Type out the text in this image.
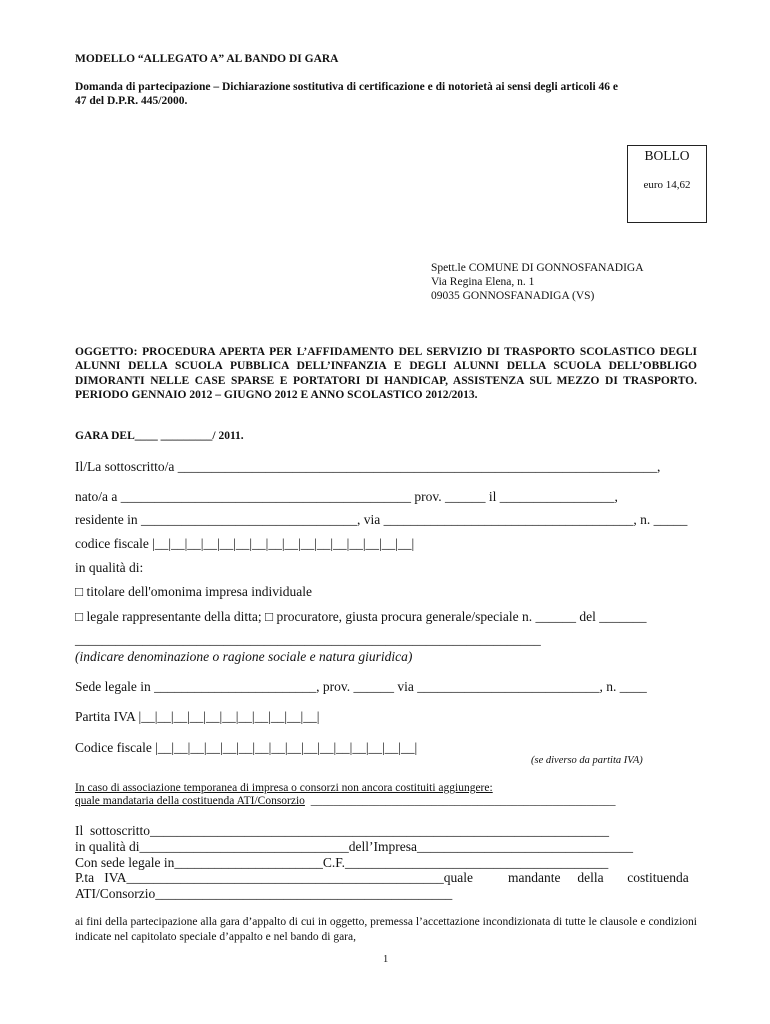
MODELLO “ALLEGATO A” AL BANDO DI GARA
Domanda di partecipazione – Dichiarazione sostitutiva di certificazione e di notorietà ai sensi degli articoli 46 e
47 del D.P.R. 445/2000.
BOLLO
euro 14,62
Spett.le COMUNE DI GONNOSFANADIGA
Via Regina Elena, n. 1
09035 GONNOSFANADIGA (VS)
OGGETTO: PROCEDURA APERTA PER L’AFFIDAMENTO DEL SERVIZIO DI TRASPORTO SCOLASTICO DEGLI ALUNNI DELLA SCUOLA PUBBLICA DELL’INFANZIA E DEGLI ALUNNI DELLA SCUOLA DELL’OBBLIGO DIMORANTI NELLE CASE SPARSE E PORTATORI DI HANDICAP, ASSISTENZA SUL MEZZO DI TRASPORTO. PERIODO GENNAIO 2012 – GIUGNO 2012 E ANNO SCOLASTICO 2012/2013.
GARA DEL____ _________/ 2011.
Il/La sottoscritto/a _______________________________________________________________________,
nato/a a ___________________________________________ prov. ______ il _________________,
residente in ________________________________, via _____________________________________, n. _____
codice fiscale |__|__|__|__|__|__|__|__|__|__|__|__|__|__|__|__|
in qualità di:
□ titolare dell'omonima impresa individuale
□ legale rappresentante della ditta; □ procuratore, giusta procura generale/speciale n. ______ del _______
_____________________________________________________________________
(indicare denominazione o ragione sociale e natura giuridica)
Sede legale in ________________________, prov. ______ via ___________________________, n. ____
Partita IVA |__|__|__|__|__|__|__|__|__|__|__|
Codice fiscale |__|__|__|__|__|__|__|__|__|__|__|__|__|__|__|__|
(se diverso da partita IVA)
In caso di associazione temporanea di impresa o consorzi non ancora costituiti aggiungere:
quale mandataria della costituenda ATI/Consorzio  _____________________________________________________
Il  sottoscritto____________________________________________________________________
in qualità di_______________________________dell’Impresa________________________________
Con sede legale in______________________C.F._______________________________________
P.ta   IVA_______________________________________________quale	mandante     della       costituenda
ATI/Consorzio____________________________________________
ai fini della partecipazione alla gara d’appalto di cui in oggetto, premessa l’accettazione incondizionata di tutte le clausole e condizioni indicate nel capitolato speciale d’appalto e nel bando di gara,
1
